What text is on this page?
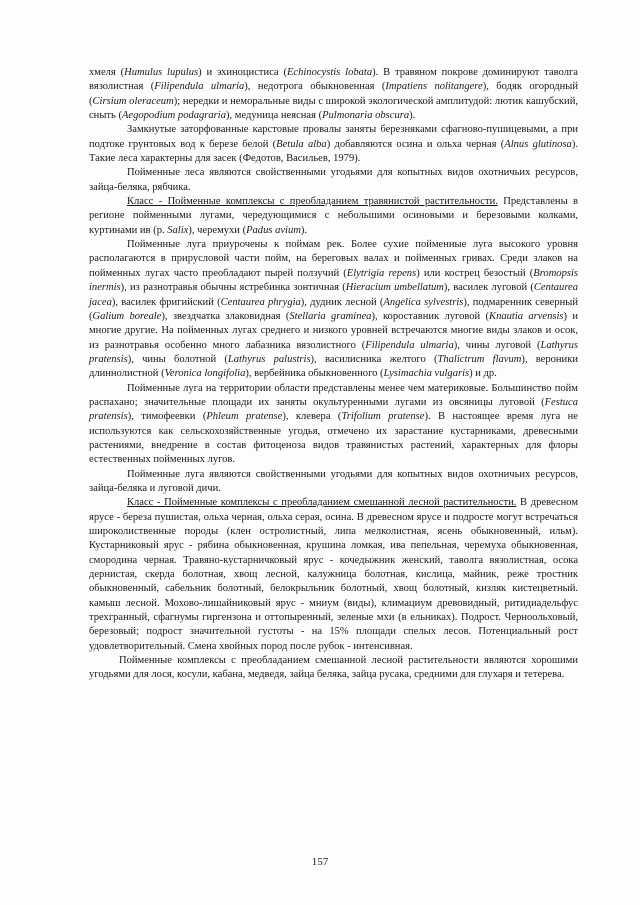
хмеля (Humulus lupulus) и эхиноцистиса (Echinocystis lobata). В травяном покрове доминируют таволга вязолистная (Filipendula ulmaria), недотрога обыкновенная (Impatiens nolitangere), бодяк огородный (Cirsium oleraceum); нередки и неморальные виды с широкой экологической амплитудой: лютик кашубский, сныть (Aegopodium podagraria), медуница неясная (Pulmonaria obscura).

Замкнутые заторфованные карстовые провалы заняты березняками сфагново-пушицевыми, а при подтоке грунтовых вод к березе белой (Betula alba) добавляются осина и ольха черная (Alnus glutinosa). Такие леса характерны для засек (Федотов, Васильев, 1979).

Пойменные леса являются свойственными угодьями для копытных видов охотничьих ресурсов, зайца-беляка, рябчика.

Класс - Пойменные комплексы с преобладанием травянистой растительности. Представлены в регионе пойменными лугами, чередующимися с небольшими осиновыми и березовыми колками, куртинами ив (р. Salix), черемухи (Padus avium).

Пойменные луга приурочены к поймам рек. Более сухие пойменные луга высокого уровня располагаются в прирусловой части пойм, на береговых валах и пойменных гривах. Среди злаков на пойменных лугах часто преобладают пырей ползучий (Elytrigia repens) или кострец безостый (Bromopsis inermis), из разнотравья обычны ястребинка зонтичная (Hieracium umbellatum), василек луговой (Centaurea jacea), василек фригийский (Centaurea phrygia), дудник лесной (Angelica sylvestris), подмаренник северный (Galium boreale), звездчатка злаковидная (Stellaria graminea), короставник луговой (Knautia arvensis) и многие другие. На пойменных лугах среднего и низкого уровней встречаются многие виды злаков и осок, из разнотравья особенно много лабазника вязолистного (Filipendula ulmaria), чины луговой (Lathyrus pratensis), чины болотной (Lathyrus palustris), василисника желтого (Thalictrum flavum), вероники длиннолистной (Veronica longifolia), вербейника обыкновенного (Lysimachia vulgaris) и др.

Пойменные луга на территории области представлены менее чем материковые. Большинство пойм распахано; значительные площади их заняты окультуренными лугами из овсяницы луговой (Festuca pratensis), тимофеевки (Phleum pratense), клевера (Trifolium pratense). В настоящее время луга не используются как сельскохозяйственные угодья, отмечено их зарастание кустарниками, древесными растениями, внедрение в состав фитоценоза видов травянистых растений, характерных для флоры естественных пойменных лугов.

Пойменные луга являются свойственными угодьями для копытных видов охотничьих ресурсов, зайца-беляка и луговой дичи.

Класс - Пойменные комплексы с преобладанием смешанной лесной растительности. В древесном ярусе - береза пушистая, ольха черная, ольха серая, осина. В древесном ярусе и подросте могут встречаться широколиственные породы (клен остролистный, липа мелколистная, ясень обыкновенный, ильм). Кустарниковый ярус - рябина обыкновенная, крушина ломкая, ива пепельная, черемуха обыкновенная, смородина черная. Травяно-кустарничковый ярус - кочедыжник женский, таволга вязолистная, осока дернистая, скерда болотная, хвощ лесной, калужница болотная, кислица, майник, реже тростник обыкновенный, сабельник болотный, белокрыльник болотный, хвощ болотный, кизляк кистецветный. камыш лесной. Мохово-лишайниковый ярус - мниум (виды), климациум древовидный, ритидиадельфус трехгранный, сфагнумы гиргензона и оттопыренный, зеленые мхи (в ельниках). Подрост. Черноольховый, березовый; подрост значительной густоты - на 15% площади спелых лесов. Потенциальный рост удовлетворительный. Смена хвойных пород после рубок - интенсивная.

Пойменные комплексы с преобладанием смешанной лесной растительности являются хорошими угодьями для лося, косули, кабана, медведя, зайца беляка, зайца русака, средними для глухаря и тетерева.

157
